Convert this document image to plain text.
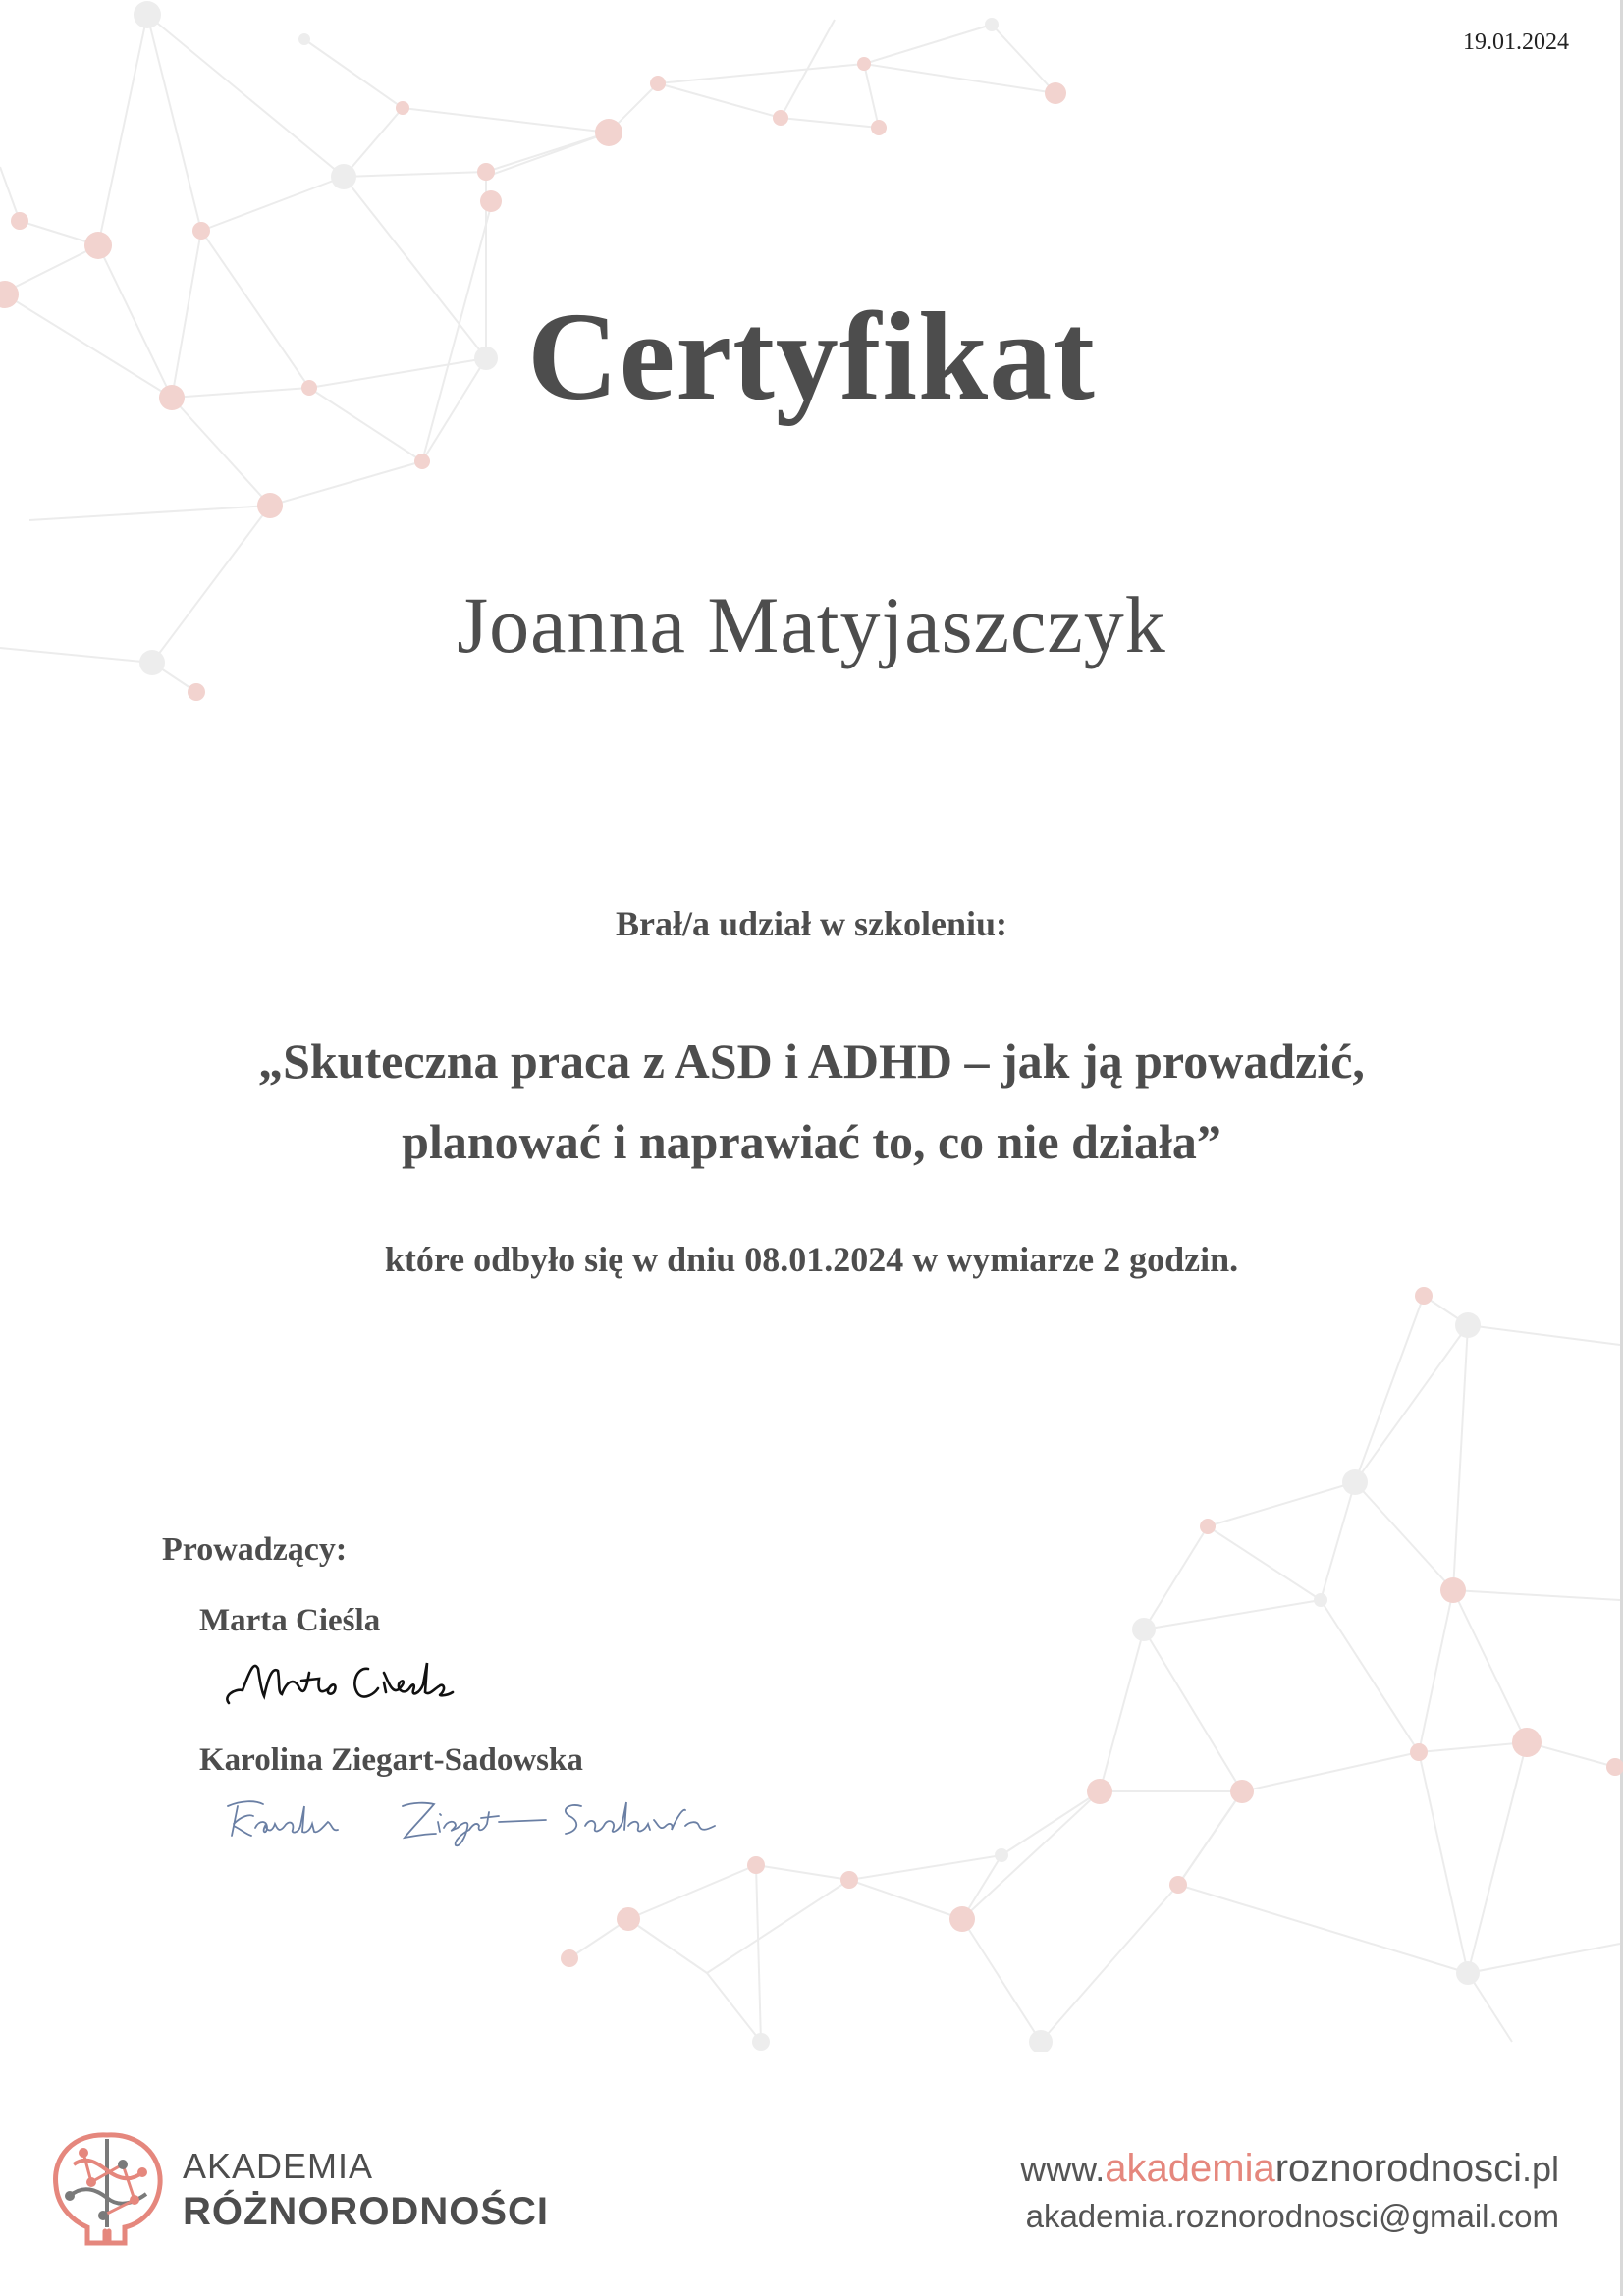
19.01.2024
Certyfikat
Joanna Matyjaszczyk
Brał/a udział w szkoleniu:
„Skuteczna praca z ASD i ADHD – jak ją prowadzić,
planować i naprawiać to, co nie działa”
które odbyło się w dniu 08.01.2024 w wymiarze 2 godzin.
Prowadzący:
Marta Cieśla
Karolina Ziegart-Sadowska
AKADEMIA
RÓŻNORODNOŚCI
www.akademiaroznorodnosci.pl
akademia.roznorodnosci@gmail.com
